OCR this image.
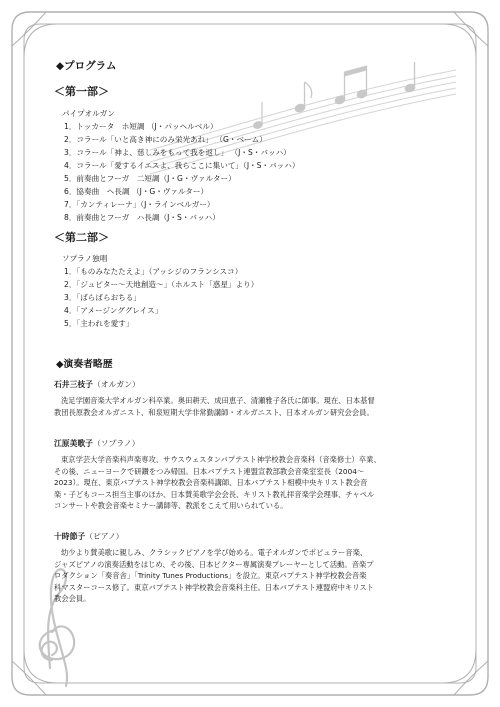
◆プログラム
＜第一部＞
パイプオルガン
1．トッカータ　ホ短調 （J・パッヘルベル）
2．コラール「いと高き神にのみ栄光あれ」 （G・ベーム）
3．コラール「神よ、慈しみをもって我を返し」 （J・S・バッハ）
4．コラール「愛するイエスよ、我らここに集いて」（J・S・バッハ）
5．前奏曲とフーガ　二短調（J・G・ヴァルター）
6．協奏曲　ヘ長調 （J・G・ヴァルター）
7．「カンティレーナ」（J・ラインベルガー）
8．前奏曲とフーガ　ハ長調（J・S・バッハ）
＜第二部＞
ソプラノ独唱
1．「ものみなたたえよ」（アッシジのフランシスコ）
2．「ジュピター～天地創造～」（ホルスト「惑星」より）
3．「ばらばらおちる」
4．「アメージンググレイス」
5．「主われを愛す」
◆演奏者略歴
石井三枝子（オルガン）
洗足学園音楽大学オルガン科卒業。奥田耕天、成田恵子、清瀬雅子各氏に師事。現在、日本基督
教団長原教会オルガニスト、和泉短期大学非常勤講師・オルガニスト、日本オルガン研究会会員。
江原美歌子（ソプラノ）
東京学芸大学音楽科声楽専攻、サウスウェスタンバプテスト神学校教会音楽科（音楽修士）卒業、
その後、ニューヨークで研鑽をつみ帰国。日本バプテスト連盟宣教部教会音楽室室長（2004～
2023）。現在、東京バプテスト神学校教会音楽科講師、日本バプテスト相模中央キリスト教会音
楽・子どもコース担当主事のほか、日本賛美歌学会会長、キリスト教礼拝音楽学会理事、チャペル
コンサートや教会音楽セミナー講師等、教派をこえて用いられている。
十時節子（ピアノ）
幼少より賛美歌に親しみ、クラシックピアノを学び始める。電子オルガンでポピュラー音楽、
ジャズピアノの演奏活動をはじめ、その後、日本ビクター専属演奏プレーヤーとして活動。音楽プ
ロダクション「奏音舎」「Trinity Tunes Productions」を設立。東京バプテスト神学校教会音楽
科マスターコース修了。東京バプテスト神学校教会音楽科主任。日本バプテスト連盟府中キリスト
教会会員。
